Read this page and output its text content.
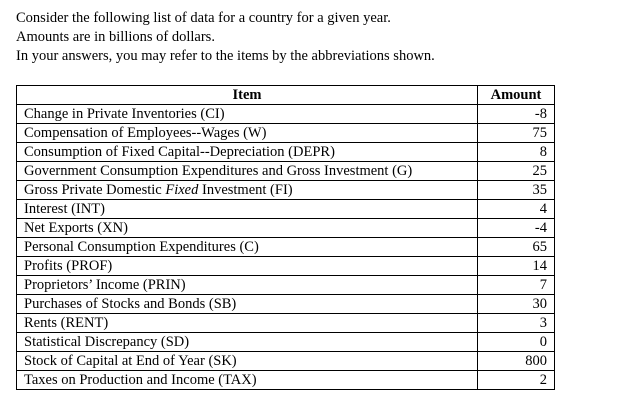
Consider the following list of data for a country for a given year.
Amounts are in billions of dollars.
In your answers, you may refer to the items by the abbreviations shown.
Item	Amount
Change in Private Inventories (CI)	-8
Compensation of Employees--Wages (W)	75
Consumption of Fixed Capital--Depreciation (DEPR)	8
Government Consumption Expenditures and Gross Investment (G)	25
Gross Private Domestic Fixed Investment (FI)	35
Interest (INT)	4
Net Exports (XN)	-4
Personal Consumption Expenditures (C)	65
Profits (PROF)	14
Proprietors’ Income (PRIN)	7
Purchases of Stocks and Bonds (SB)	30
Rents (RENT)	3
Statistical Discrepancy (SD)	0
Stock of Capital at End of Year (SK)	800
Taxes on Production and Income (TAX)	2
